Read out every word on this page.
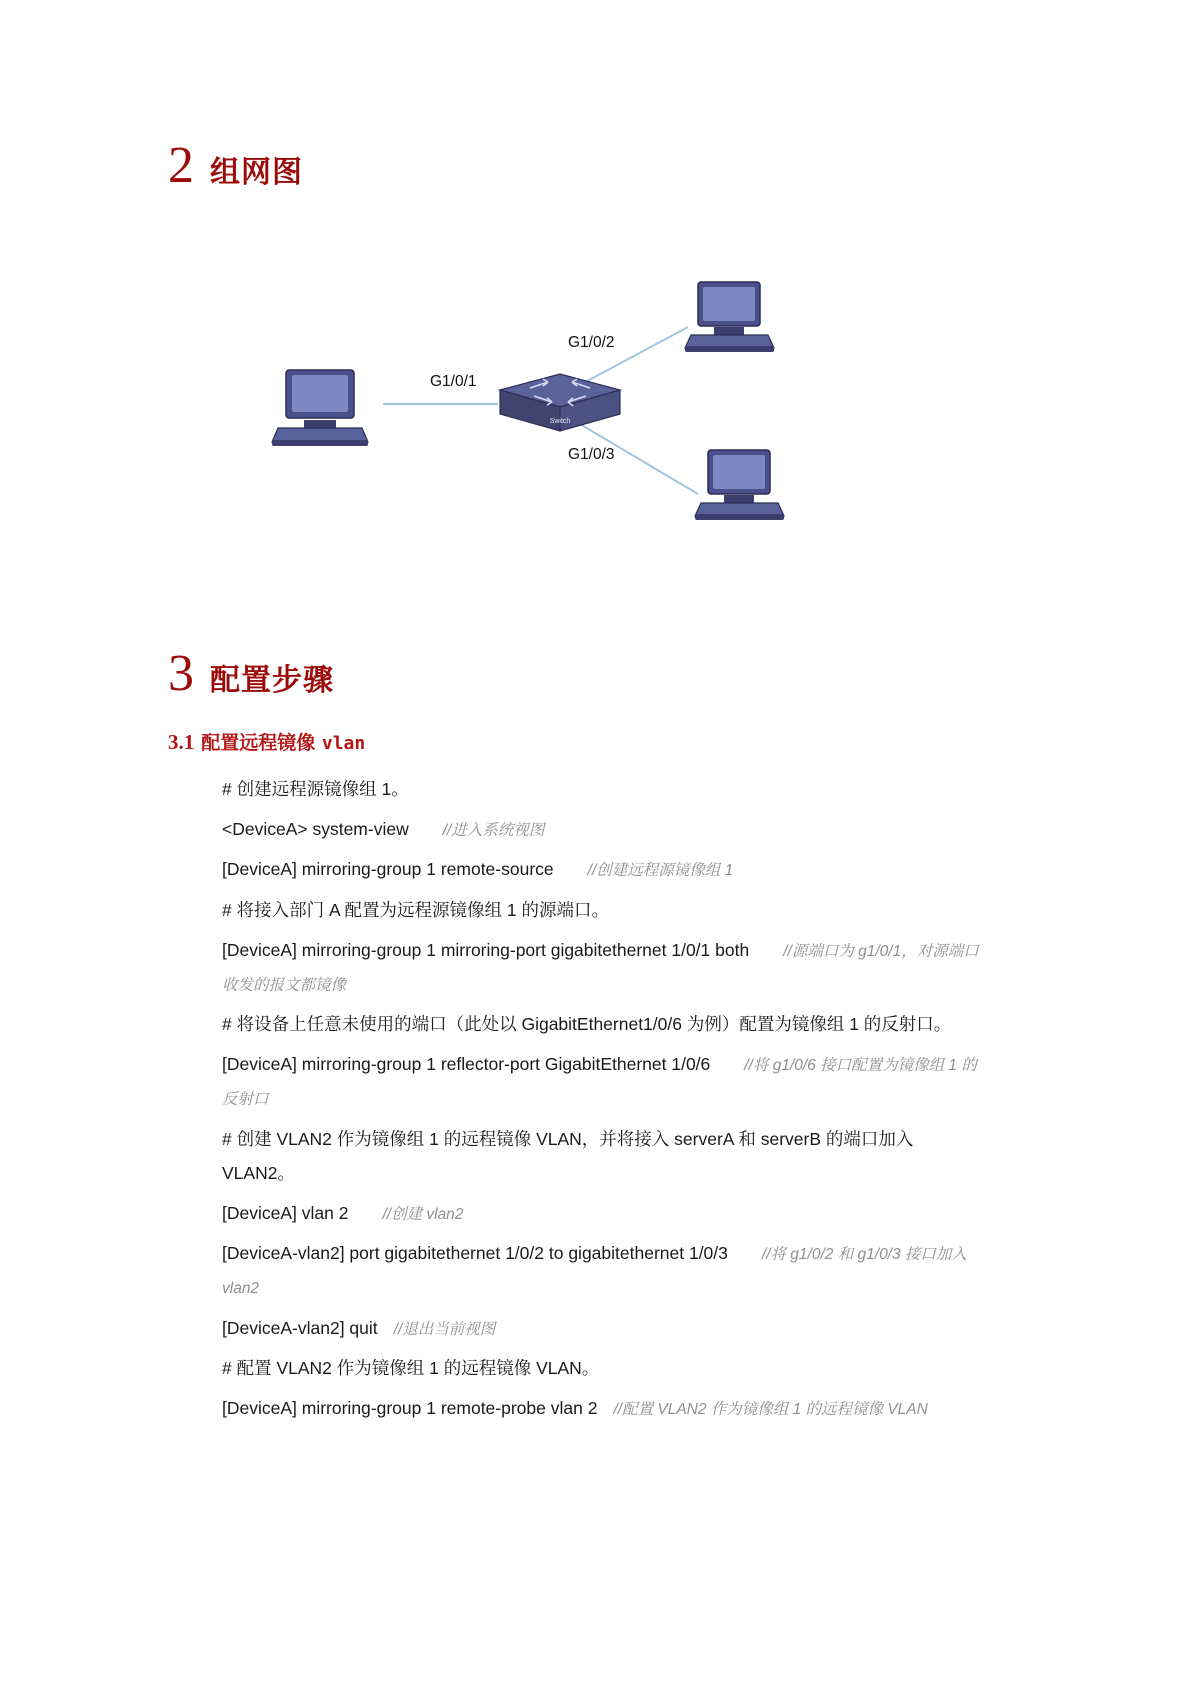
2 组网图
Switch
G1/0/1
G1/0/2
G1/0/3
3 配置步骤
3.1 配置远程镜像 vlan

# 创建远程源镜像组 1。

<DeviceA> system-view //进入系统视图

[DeviceA] mirroring-group 1 remote-source //创建远程源镜像组 1

# 将接入部门 A 配置为远程源镜像组 1 的源端口。

[DeviceA] mirroring-group 1 mirroring-port gigabitethernet 1/0/1 both //源端口为 g1/0/1，对源端口收发的报文都镜像

# 将设备上任意未使用的端口（此处以 GigabitEthernet1/0/6 为例）配置为镜像组 1 的反射口。

[DeviceA] mirroring-group 1 reflector-port GigabitEthernet 1/0/6 //将 g1/0/6 接口配置为镜像组 1 的反射口

# 创建 VLAN2 作为镜像组 1 的远程镜像 VLAN，并将接入 serverA 和 serverB 的端口加入 VLAN2。

[DeviceA] vlan 2 //创建 vlan2

[DeviceA-vlan2] port gigabitethernet 1/0/2 to gigabitethernet 1/0/3 //将 g1/0/2 和 g1/0/3 接口加入 vlan2

[DeviceA-vlan2] quit //退出当前视图

# 配置 VLAN2 作为镜像组 1 的远程镜像 VLAN。

[DeviceA] mirroring-group 1 remote-probe vlan 2 //配置 VLAN2 作为镜像组 1 的远程镜像 VLAN
